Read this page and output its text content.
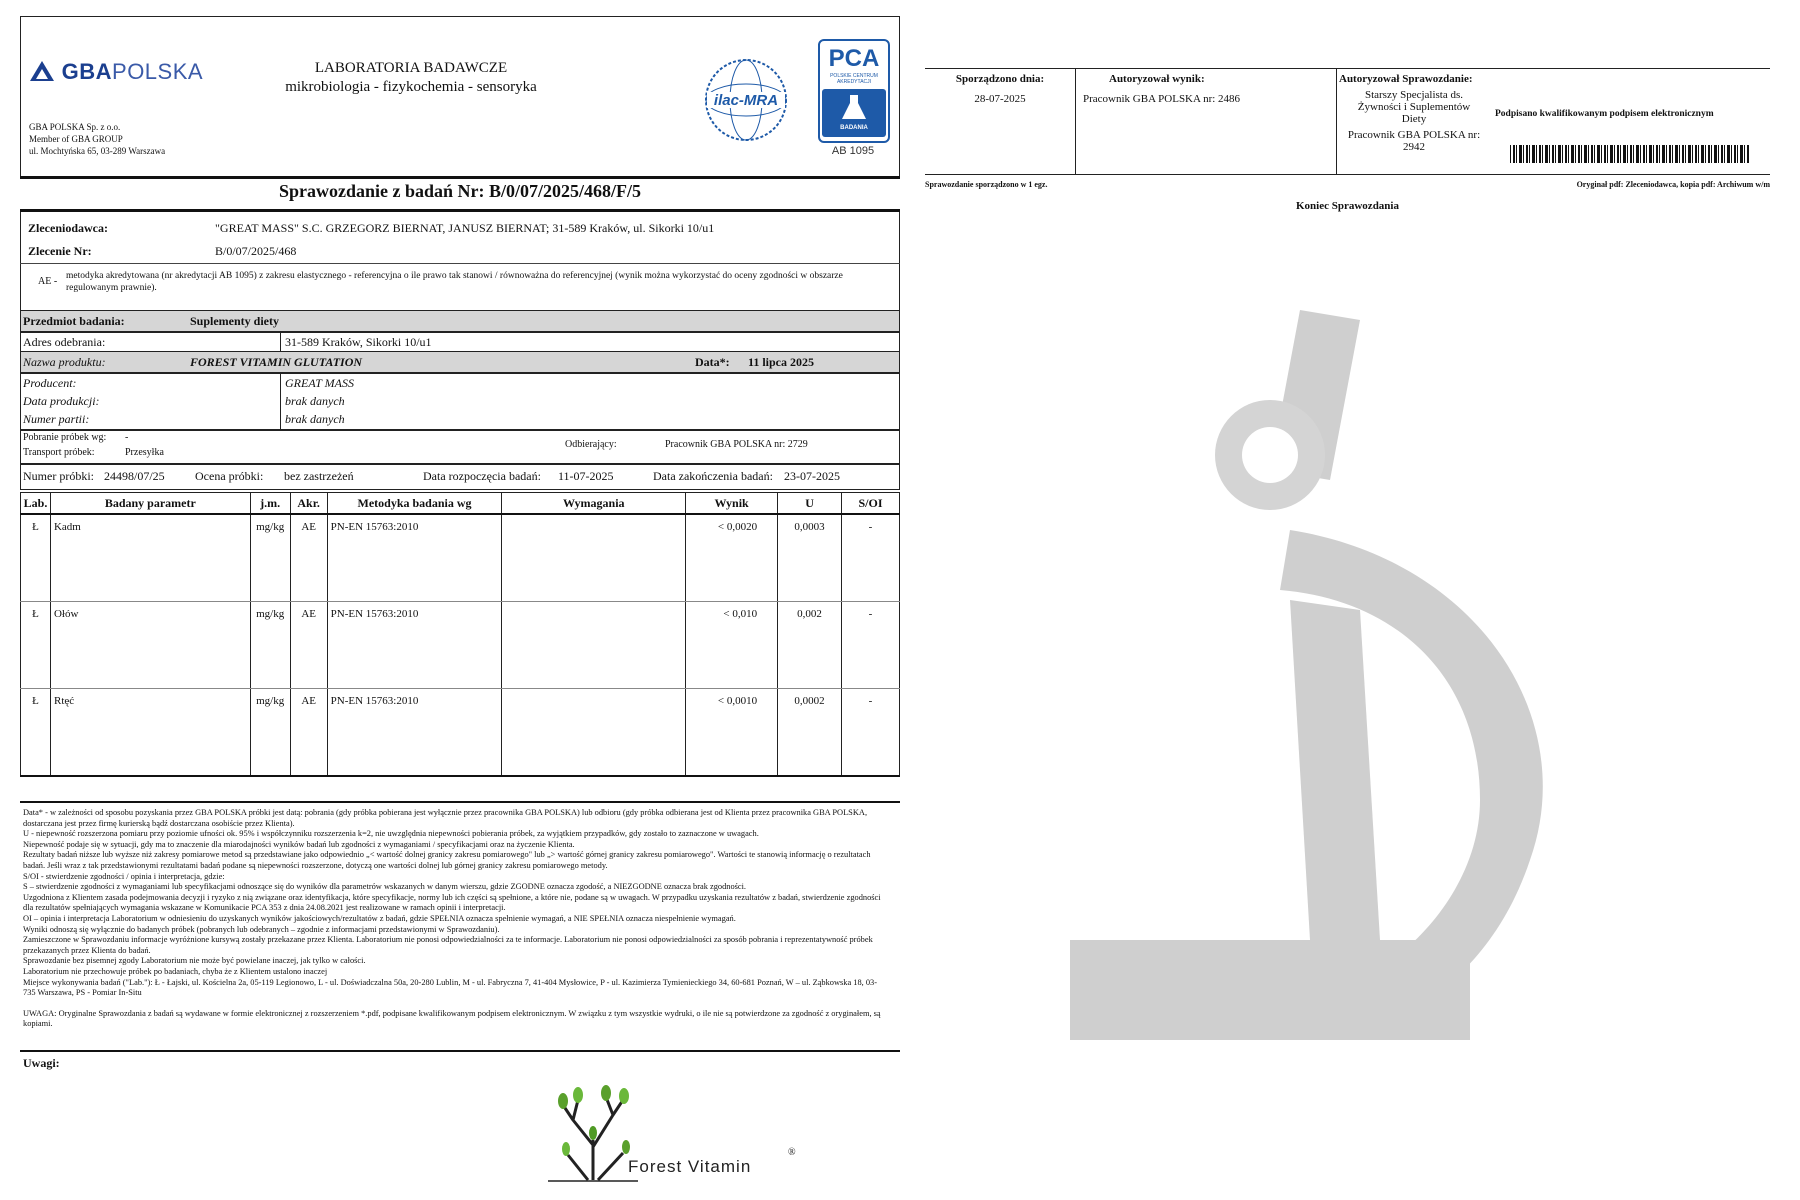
GBAPOLSKA
GBA POLSKA Sp. z o.o.
Member of GBA GROUP
ul. Mochtyńska 65, 03-289 Warszawa
LABORATORIA BADAWCZE
mikrobiologia - fizykochemia - sensoryka
ilac-MRA
PCA
POLSKIE CENTRUM AKREDYTACJI
BADANIA
AB 1095
Sprawozdanie z badań Nr: B/0/07/2025/468/F/5
Zleceniodawca:	"GREAT MASS" S.C. GRZEGORZ BIERNAT, JANUSZ BIERNAT; 31-589 Kraków, ul. Sikorki 10/u1
Zlecenie Nr:	B/0/07/2025/468
AE - metodyka akredytowana (nr akredytacji AB 1095) z zakresu elastycznego - referencyjna o ile prawo tak stanowi / równoważna do referencyjnej (wynik można wykorzystać do oceny zgodności w obszarze regulowanym prawnie).
Przedmiot badania:	Suplementy diety
Adres odebrania:	31-589 Kraków, Sikorki 10/u1
Nazwa produktu:	FOREST VITAMIN GLUTATION	Data*: 11 lipca 2025
Producent:	GREAT MASS
Data produkcji:	brak danych
Numer partii:	brak danych
Pobranie próbek wg: -
Transport próbek:	Przesyłka
Odbierający:	Pracownik GBA POLSKA nr: 2729
Numer próbki: 24498/07/25	Ocena próbki: bez zastrzeżeń	Data rozpoczęcia badań: 11-07-2025	Data zakończenia badań: 23-07-2025
Lab.	Badany parametr	j.m.	Akr.	Metodyka badania wg	Wymagania	Wynik	U	S/OI
Ł	Kadm	mg/kg	AE	PN-EN 15763:2010		< 0,0020	0,0003	-
Ł	Ołów	mg/kg	AE	PN-EN 15763:2010		< 0,010	0,002	-
Ł	Rtęć	mg/kg	AE	PN-EN 15763:2010		< 0,0010	0,0002	-
Data* - w zależności od sposobu pozyskania przez GBA POLSKA próbki jest datą: pobrania (gdy próbka pobierana jest wyłącznie przez pracownika GBA POLSKA) lub odbioru (gdy próbka odbierana jest od Klienta przez pracownika GBA POLSKA, dostarczana jest przez firmę kurierską bądź dostarczana osobiście przez Klienta).
U - niepewność rozszerzona pomiaru przy poziomie ufności ok. 95% i współczynniku rozszerzenia k=2, nie uwzględnia niepewności pobierania próbek, za wyjątkiem przypadków, gdy zostało to zaznaczone w uwagach.
Niepewność podaje się w sytuacji, gdy ma to znaczenie dla miarodajności wyników badań lub zgodności z wymaganiami / specyfikacjami oraz na życzenie Klienta.
Rezultaty badań niższe lub wyższe niż zakresy pomiarowe metod są przedstawiane jako odpowiednio „< wartość dolnej granicy zakresu pomiarowego" lub „> wartość górnej granicy zakresu pomiarowego". Wartości te stanowią informację o rezultatach badań. Jeśli wraz z tak przedstawionymi rezultatami badań podane są niepewności rozszerzone, dotyczą one wartości dolnej lub górnej granicy zakresu pomiarowego metody.
S/OI - stwierdzenie zgodności / opinia i interpretacja, gdzie:
S – stwierdzenie zgodności z wymaganiami lub specyfikacjami odnoszące się do wyników dla parametrów wskazanych w danym wierszu, gdzie ZGODNE oznacza zgodość, a NIEZGODNE oznacza brak zgodności.
Uzgodniona z Klientem zasada podejmowania decyzji i ryzyko z nią związane oraz identyfikacja, które specyfikacje, normy lub ich części są spełnione, a które nie, podane są w uwagach. W przypadku uzyskania rezultatów z badań, stwierdzenie zgodności dla rezultatów spełniających wymagania wskazane w Komunikacie PCA 353 z dnia 24.08.2021 jest realizowane w ramach opinii i interpretacji.
OI – opinia i interpretacja Laboratorium w odniesieniu do uzyskanych wyników jakościowych/rezultatów z badań, gdzie SPEŁNIA oznacza spełnienie wymagań, a NIE SPEŁNIA oznacza niespełnienie wymagań.
Wyniki odnoszą się wyłącznie do badanych próbek (pobranych lub odebranych – zgodnie z informacjami przedstawionymi w Sprawozdaniu).
Zamieszczone w Sprawozdaniu informacje wyróżnione kursywą zostały przekazane przez Klienta. Laboratorium nie ponosi odpowiedzialności za te informacje. Laboratorium nie ponosi odpowiedzialności za sposób pobrania i reprezentatywność próbek przekazanych przez Klienta do badań.
Sprawozdanie bez pisemnej zgody Laboratorium nie może być powielane inaczej, jak tylko w całości.
Laboratorium nie przechowuje próbek po badaniach, chyba że z Klientem ustalono inaczej
Miejsce wykonywania badań ("Lab."): Ł - Łajski, ul. Kościelna 2a, 05-119 Legionowo, L - ul. Doświadczalna 50a, 20-280 Lublin, M - ul. Fabryczna 7, 41-404 Mysłowice, P - ul. Kazimierza Tymienieckiego 34, 60-681 Poznań, W – ul. Ząbkowska 18, 03-735 Warszawa, PS - Pomiar In-Situ
UWAGA: Oryginalne Sprawozdania z badań są wydawane w formie elektronicznej z rozszerzeniem *.pdf, podpisane kwalifikowanym podpisem elektronicznym. W związku z tym wszystkie wydruki, o ile nie są potwierdzone za zgodność z oryginałem, są kopiami.
Uwagi:
Forest Vitamin
®
Sporządzono dnia:
28-07-2025
Autoryzował wynik:
Pracownik GBA POLSKA nr: 2486
Autoryzował Sprawozdanie:
Starszy Specjalista ds. Żywności i Suplementów Diety
Pracownik GBA POLSKA nr: 2942
Podpisano kwalifikowanym podpisem elektronicznym
Sprawozdanie sporządzono w 1 egz.	Oryginał pdf: Zleceniodawca, kopia pdf: Archiwum w/m
Koniec Sprawozdania
